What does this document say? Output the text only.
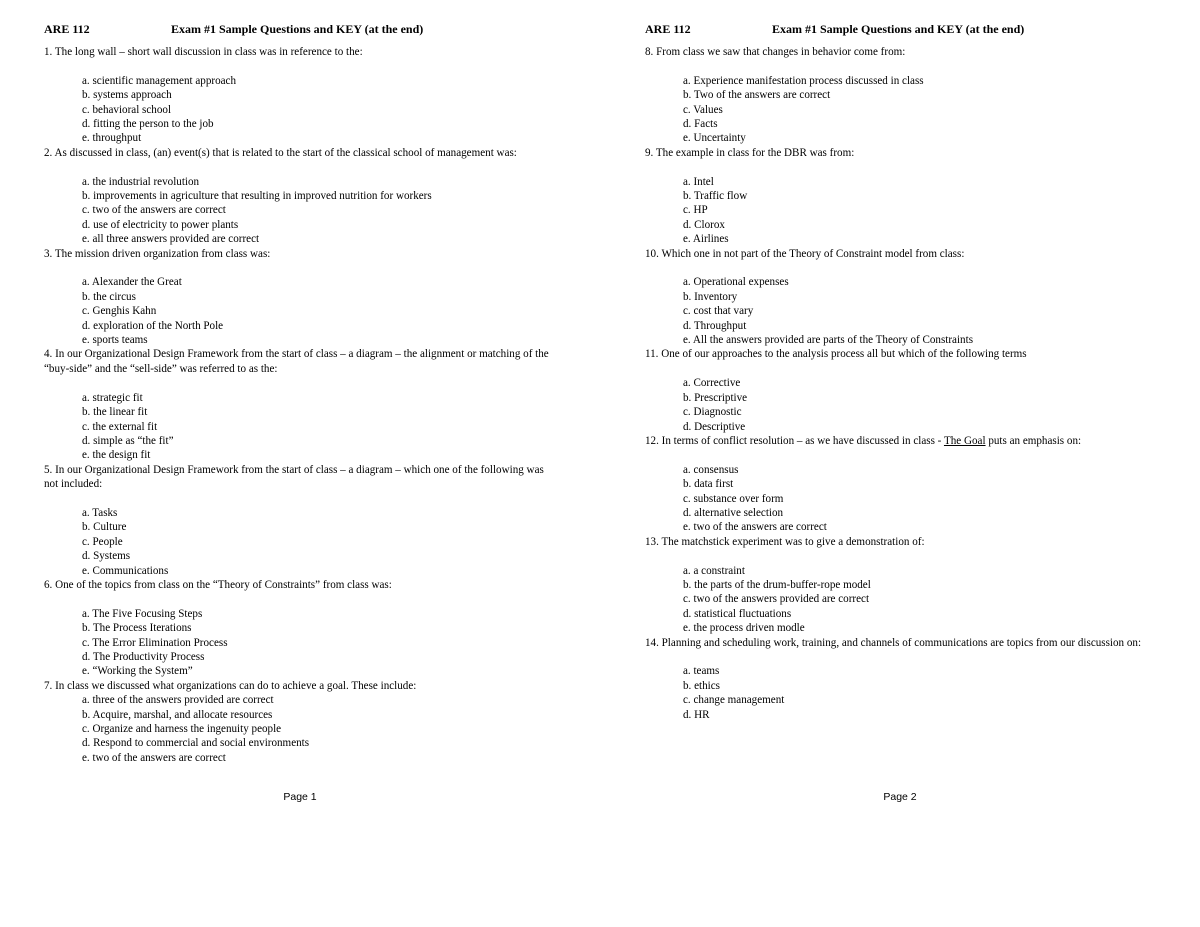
ARE 112	Exam #1 Sample Questions and KEY (at the end)

1. The long wall – short wall discussion in class was in reference to the:

a. scientific management approach
b. systems approach
c. behavioral school
d. fitting the person to the job
e. throughput

2. As discussed in class, (an) event(s) that is related to the start of the classical school of management was:

a. the industrial revolution
b. improvements in agriculture that resulting in improved nutrition for workers
c. two of the answers are correct
d. use of electricity to power plants
e. all three answers provided are correct

3. The mission driven organization from class was:

a. Alexander the Great
b. the circus
c. Genghis Kahn
d. exploration of the North Pole
e. sports teams

4. In our Organizational Design Framework from the start of class – a diagram – the alignment or matching of the “buy-side” and the “sell-side” was referred to as the:

a. strategic fit
b. the linear fit
c. the external fit
d. simple as “the fit”
e. the design fit

5. In our Organizational Design Framework from the start of class – a diagram – which one of the following was not included:

a. Tasks
b. Culture
c. People
d. Systems
e. Communications

6. One of the topics from class on the “Theory of Constraints” from class was:

a. The Five Focusing Steps
b. The Process Iterations
c. The Error Elimination Process
d. The Productivity Process
e. “Working the System”

7. In class we discussed what organizations can do to achieve a goal. These include:

a. three of the answers provided are correct
b. Acquire, marshal, and allocate resources
c. Organize and harness the ingenuity people
d. Respond to commercial and social environments
e. two of the answers are correct
Page 1
ARE 112	Exam #1 Sample Questions and KEY (at the end)

8. From class we saw that changes in behavior come from:

a. Experience manifestation process discussed in class
b. Two of the answers are correct
c. Values
d. Facts
e. Uncertainty

9. The example in class for the DBR was from:

a. Intel
b. Traffic flow
c. HP
d. Clorox
e. Airlines

10. Which one in not part of the Theory of Constraint model from class:

a. Operational expenses
b. Inventory
c. cost that vary
d. Throughput
e. All the answers provided are parts of the Theory of Constraints

11. One of our approaches to the analysis process all but which of the following terms

a. Corrective
b. Prescriptive
c. Diagnostic
d. Descriptive

12. In terms of conflict resolution – as we have discussed in class - The Goal puts an emphasis on:

a. consensus
b. data first
c. substance over form
d. alternative selection
e. two of the answers are correct

13. The matchstick experiment was to give a demonstration of:

a. a constraint
b. the parts of the drum-buffer-rope model
c. two of the answers provided are correct
d. statistical fluctuations
e. the process driven modle

14. Planning and scheduling work, training, and channels of communications are topics from our discussion on:

a. teams
b. ethics
c. change management
d. HR
Page 2
